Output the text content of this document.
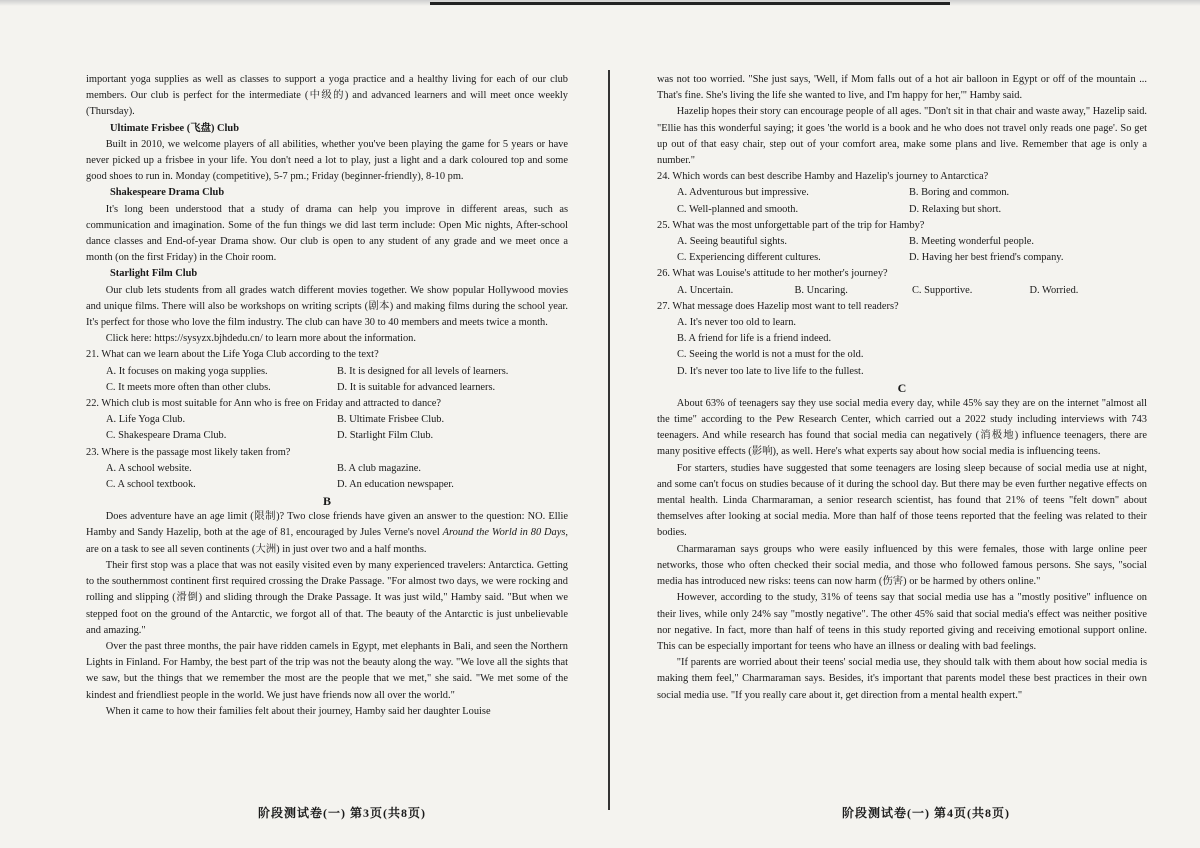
important yoga supplies as well as classes to support a yoga practice and a healthy living for each of our club members. Our club is perfect for the intermediate (中级的) and advanced learners and will meet once weekly (Thursday).

Ultimate Frisbee (飞盘) Club

Built in 2010, we welcome players of all abilities, whether you've been playing the game for 5 years or have never picked up a frisbee in your life. You don't need a lot to play, just a light and a dark coloured top and some good shoes to run in. Monday (competitive), 5-7 pm.; Friday (beginner-friendly), 8-10 pm.

Shakespeare Drama Club

It's long been understood that a study of drama can help you improve in different areas, such as communication and imagination. Some of the fun things we did last term include: Open Mic nights, After-school dance classes and End-of-year Drama show. Our club is open to any student of any grade and we meet once a month (on the first Friday) in the Choir room.

Starlight Film Club

Our club lets students from all grades watch different movies together. We show popular Hollywood movies and unique films. There will also be workshops on writing scripts (剧本) and making films during the school year. It's perfect for those who love the film industry. The club can have 30 to 40 members and meets twice a month.

Click here: https://sysyzx.bjhdedu.cn/ to learn more about the information.

21. What can we learn about the Life Yoga Club according to the text?

A. It focuses on making yoga supplies.	B. It is designed for all levels of learners.
C. It meets more often than other clubs.	D. It is suitable for advanced learners.

22. Which club is most suitable for Ann who is free on Friday and attracted to dance?

A. Life Yoga Club.	B. Ultimate Frisbee Club.
C. Shakespeare Drama Club.	D. Starlight Film Club.

23. Where is the passage most likely taken from?

A. A school website.	B. A club magazine.
C. A school textbook.	D. An education newspaper.

B

Does adventure have an age limit (限制)? Two close friends have given an answer to the question: NO. Ellie Hamby and Sandy Hazelip, both at the age of 81, encouraged by Jules Verne's novel Around the World in 80 Days, are on a task to see all seven continents (大洲) in just over two and a half months.

Their first stop was a place that was not easily visited even by many experienced travelers: Antarctica. Getting to the southernmost continent first required crossing the Drake Passage. "For almost two days, we were rocking and rolling and slipping (滑倒) and sliding through the Drake Passage. It was just wild," Hamby said. "But when we stepped foot on the ground of the Antarctic, we forgot all of that. The beauty of the Antarctic is just unbelievable and amazing."

Over the past three months, the pair have ridden camels in Egypt, met elephants in Bali, and seen the Northern Lights in Finland. For Hamby, the best part of the trip was not the beauty along the way. "We love all the sights that we saw, but the things that we remember the most are the people that we met," she said. "We met some of the kindest and friendliest people in the world. We just have friends now all over the world."

When it came to how their families felt about their journey, Hamby said her daughter Louise

阶段测试卷(一) 第3页(共8页)

was not too worried. "She just says, 'Well, if Mom falls out of a hot air balloon in Egypt or off of the mountain ... That's fine. She's living the life she wanted to live, and I'm happy for her,'" Hamby said.

Hazelip hopes their story can encourage people of all ages. "Don't sit in that chair and waste away," Hazelip said. "Ellie has this wonderful saying; it goes 'the world is a book and he who does not travel only reads one page'. So get up out of that easy chair, step out of your comfort area, make some plans and live. Remember that age is only a number."

24. Which words can best describe Hamby and Hazelip's journey to Antarctica?

A. Adventurous but impressive.	B. Boring and common.
C. Well-planned and smooth.	D. Relaxing but short.

25. What was the most unforgettable part of the trip for Hamby?

A. Seeing beautiful sights.	B. Meeting wonderful people.
C. Experiencing different cultures.	D. Having her best friend's company.

26. What was Louise's attitude to her mother's journey?

A. Uncertain.	B. Uncaring.	C. Supportive.	D. Worried.

27. What message does Hazelip most want to tell readers?

A. It's never too old to learn.

B. A friend for life is a friend indeed.

C. Seeing the world is not a must for the old.

D. It's never too late to live life to the fullest.

C

About 63% of teenagers say they use social media every day, while 45% say they are on the internet "almost all the time" according to the Pew Research Center, which carried out a 2022 study including interviews with 743 teenagers. And while research has found that social media can negatively (消极地) influence teenagers, there are many positive effects (影响), as well. Here's what experts say about how social media is influencing teens.

For starters, studies have suggested that some teenagers are losing sleep because of social media use at night, and some can't focus on studies because of it during the school day. But there may be even further negative effects on mental health. Linda Charmaraman, a senior research scientist, has found that 21% of teens "felt down" about themselves after looking at social media. More than half of those teens reported that the feeling was related to their bodies.

Charmaraman says groups who were easily influenced by this were females, those with large online peer networks, those who often checked their social media, and those who followed famous persons. She says, "social media has introduced new risks: teens can now harm (伤害) or be harmed by others online."

However, according to the study, 31% of teens say that social media use has a "mostly positive" influence on their lives, while only 24% say "mostly negative". The other 45% said that social media's effect was neither positive nor negative. In fact, more than half of teens in this study reported giving and receiving emotional support online. This can be especially important for teens who have an illness or dealing with bad feelings.

"If parents are worried about their teens' social media use, they should talk with them about how social media is making them feel," Charmaraman says. Besides, it's important that parents model these best practices in their own social media use. "If you really care about it, get direction from a mental health expert."

阶段测试卷(一) 第4页(共8页)
